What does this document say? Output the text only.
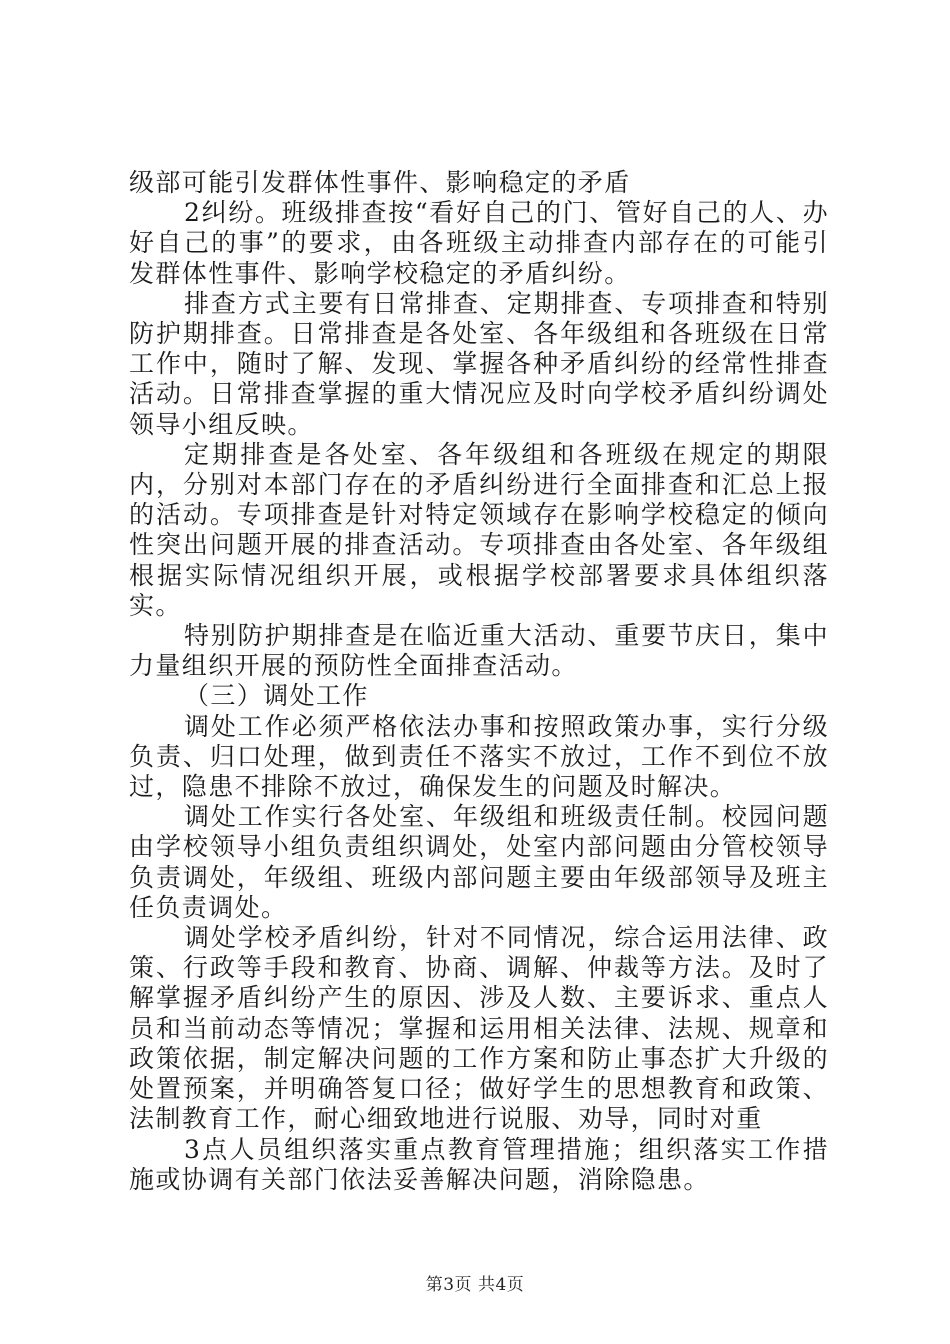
级部可能引发群体性事件、影响稳定的矛盾

2纠纷。班级排查按“看好自己的门、管好自己的人、办好自己的事”的要求，由各班级主动排查内部存在的可能引发群体性事件、影响学校稳定的矛盾纠纷。

排查方式主要有日常排查、定期排查、专项排查和特别防护期排查。日常排查是各处室、各年级组和各班级在日常工作中，随时了解、发现、掌握各种矛盾纠纷的经常性排查活动。日常排查掌握的重大情况应及时向学校矛盾纠纷调处领导小组反映。

定期排查是各处室、各年级组和各班级在规定的期限内，分别对本部门存在的矛盾纠纷进行全面排查和汇总上报的活动。专项排查是针对特定领域存在影响学校稳定的倾向性突出问题开展的排查活动。专项排查由各处室、各年级组根据实际情况组织开展，或根据学校部署要求具体组织落实。

特别防护期排查是在临近重大活动、重要节庆日，集中力量组织开展的预防性全面排查活动。

（三）调处工作

调处工作必须严格依法办事和按照政策办事，实行分级负责、归口处理，做到责任不落实不放过，工作不到位不放过，隐患不排除不放过，确保发生的问题及时解决。

调处工作实行各处室、年级组和班级责任制。校园问题由学校领导小组负责组织调处，处室内部问题由分管校领导负责调处，年级组、班级内部问题主要由年级部领导及班主任负责调处。

调处学校矛盾纠纷，针对不同情况，综合运用法律、政策、行政等手段和教育、协商、调解、仲裁等方法。及时了解掌握矛盾纠纷产生的原因、涉及人数、主要诉求、重点人员和当前动态等情况；掌握和运用相关法律、法规、规章和政策依据，制定解决问题的工作方案和防止事态扩大升级的处置预案，并明确答复口径；做好学生的思想教育和政策、法制教育工作，耐心细致地进行说服、劝导，同时对重

3点人员组织落实重点教育管理措施；组织落实工作措施或协调有关部门依法妥善解决问题，消除隐患。

第3页 共4页
